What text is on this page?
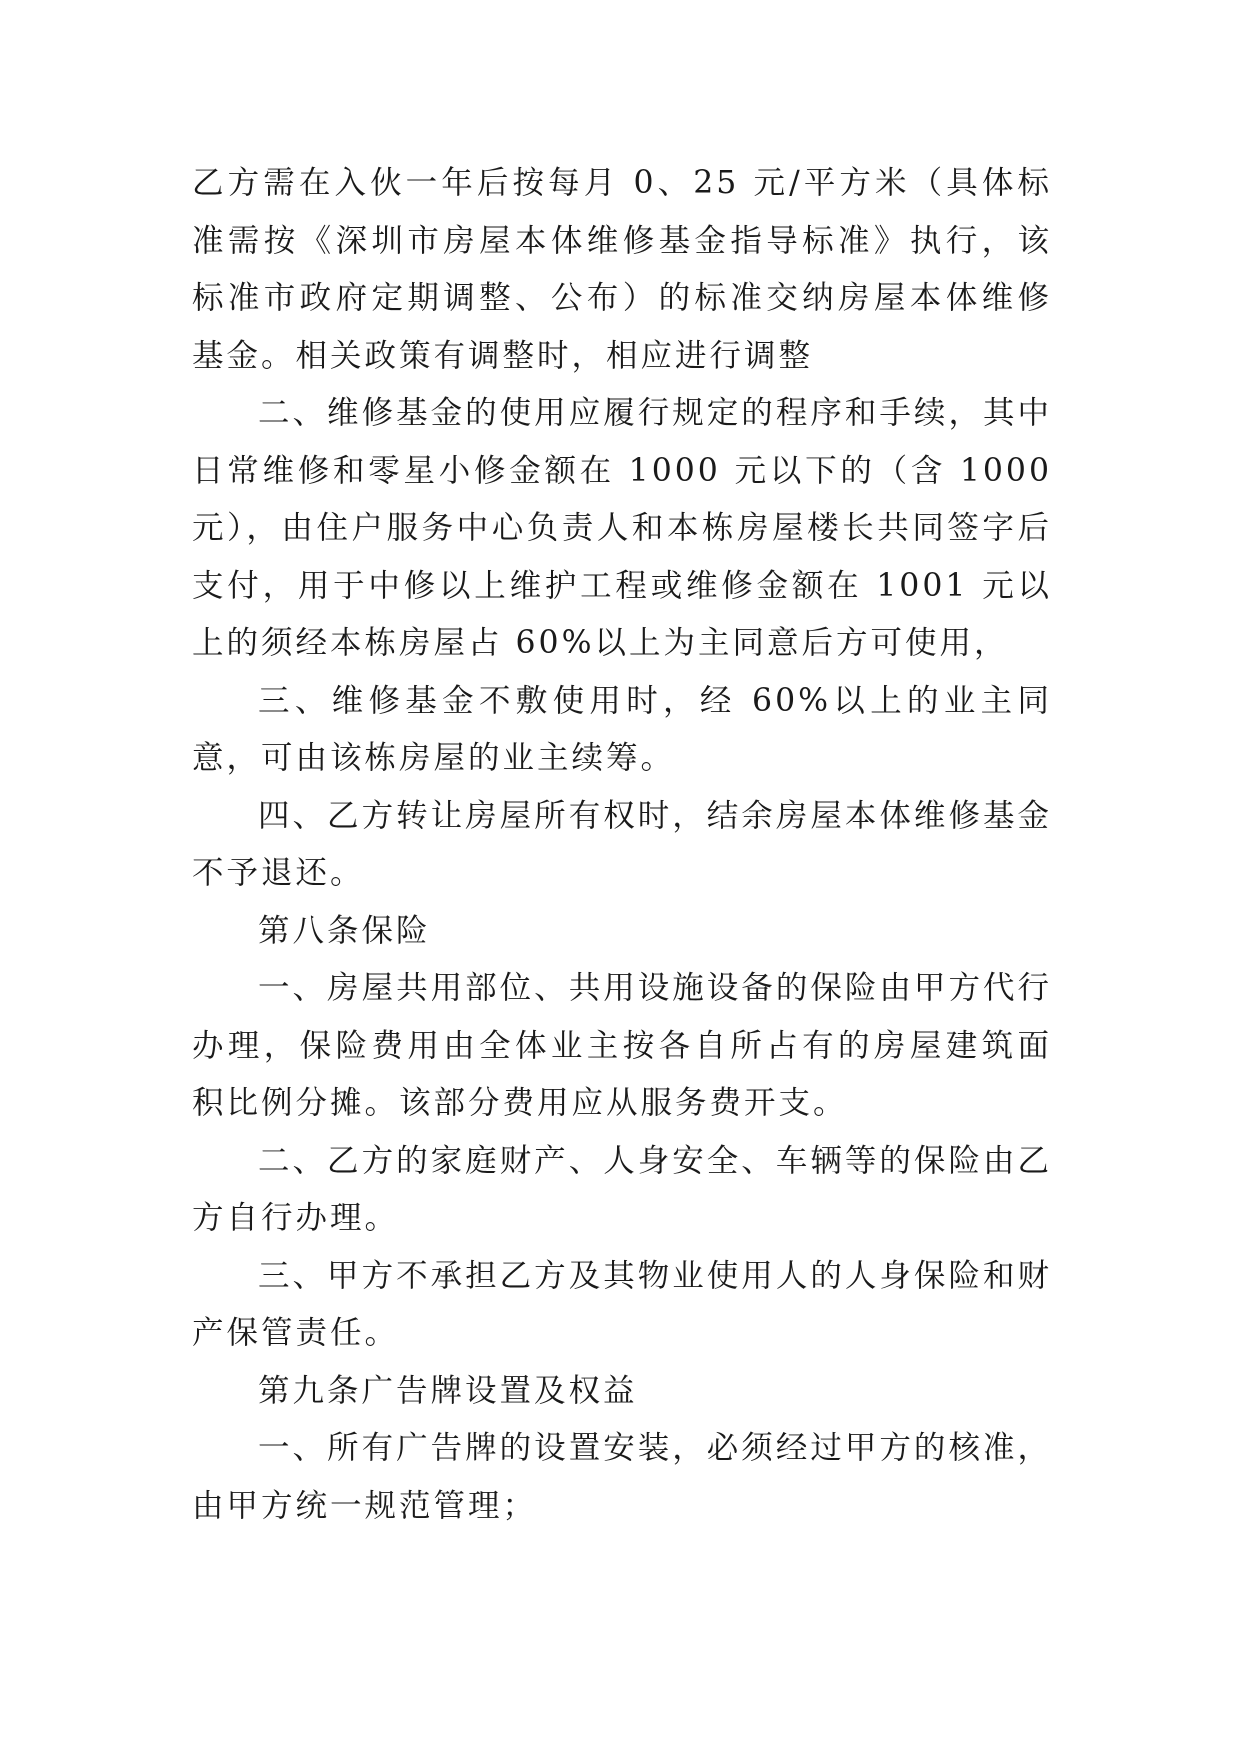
乙方需在入伙一年后按每月 0、25 元/平方米（具体标准需按《深圳市房屋本体维修基金指导标准》执行，该标准市政府定期调整、公布）的标准交纳房屋本体维修基金。相关政策有调整时，相应进行调整

二、维修基金的使用应履行规定的程序和手续，其中日常维修和零星小修金额在 1000 元以下的（含 1000 元），由住户服务中心负责人和本栋房屋楼长共同签字后支付，用于中修以上维护工程或维修金额在 1001 元以上的须经本栋房屋占 60%以上为主同意后方可使用，

三、维修基金不敷使用时，经 60%以上的业主同意，可由该栋房屋的业主续筹。

四、乙方转让房屋所有权时，结余房屋本体维修基金不予退还。

第八条保险

一、房屋共用部位、共用设施设备的保险由甲方代行办理，保险费用由全体业主按各自所占有的房屋建筑面积比例分摊。该部分费用应从服务费开支。

二、乙方的家庭财产、人身安全、车辆等的保险由乙方自行办理。

三、甲方不承担乙方及其物业使用人的人身保险和财产保管责任。

第九条广告牌设置及权益

一、所有广告牌的设置安装，必须经过甲方的核准，由甲方统一规范管理；
